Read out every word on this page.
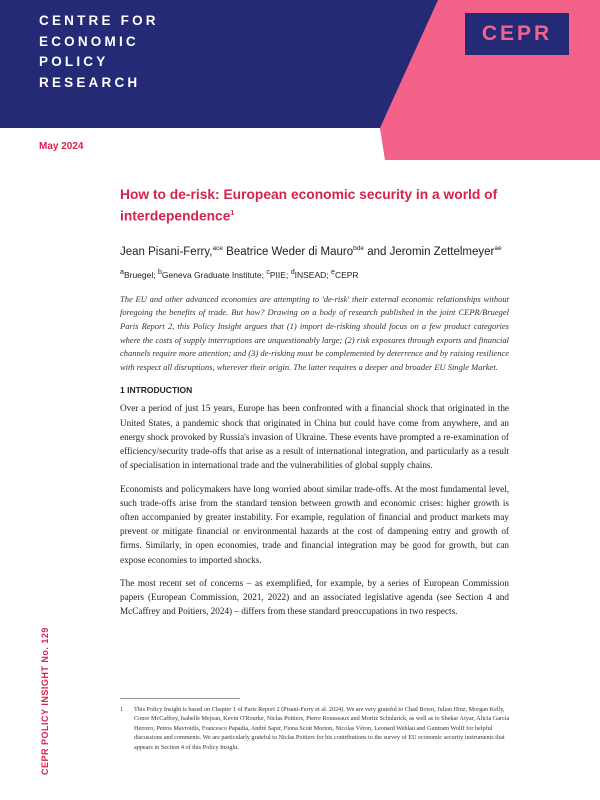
CENTRE FOR
ECONOMIC
POLICY
RESEARCH
CEPR
May 2024
CEPR POLICY INSIGHT No. 129
How to de-risk: European economic security in a world of interdependence$^1$
Jean Pisani-Ferry,$^{ace}$ Beatrice Weder di Mauro$^{bde}$ and Jeromin Zettelmeyer$^{ae}$
$^a$Bruegel; $^b$Geneva Graduate Institute; $^c$PIIE; $^d$INSEAD; $^e$CEPR

The EU and other advanced economies are attempting to 'de-risk' their external economic relationships without foregoing the benefits of trade. But how? Drawing on a body of research published in the joint CEPR/Bruegel Paris Report 2, this Policy Insight argues that (1) import de-risking should focus on a few product categories where the costs of supply interruptions are unquestionably large; (2) risk exposures through exports and financial channels require more attention; and (3) de-risking must be complemented by deterrence and by raising resilience with respect all disruptions, wherever their origin. The latter requires a deeper and broader EU Single Market.

1 INTRODUCTION

Over a period of just 15 years, Europe has been confronted with a financial shock that originated in the United States, a pandemic shock that originated in China but could have come from anywhere, and an energy shock provoked by Russia's invasion of Ukraine. These events have prompted a re-examination of efficiency/security trade-offs that arise as a result of international integration, and particularly as a result of specialisation in international trade and the vulnerabilities of global supply chains.

Economists and policymakers have long worried about similar trade-offs. At the most fundamental level, such trade-offs arise from the standard tension between growth and economic crises: higher growth is often accompanied by greater instability. For example, regulation of financial and product markets may prevent or mitigate financial or environmental hazards at the cost of dampening entry and growth of firms. Similarly, in open economies, trade and financial integration may be good for growth, but can expose economies to imported shocks.

The most recent set of concerns – as exemplified, for example, by a series of European Commission papers (European Commission, 2021, 2022) and an associated legislative agenda (see Section 4 and McCaffrey and Poitiers, 2024) – differs from these standard preoccupations in two respects.

1 This Policy Insight is based on Chapter 1 of Paris Report 2 (Pisani-Ferry et al. 2024). We are very grateful to Chad Bown, Julian Hinz, Morgan Kelly, Conor McCaffrey, Isabelle Mejean, Kevin O'Rourke, Niclas Poitiers, Pierre Rousseaux and Moritz Schularick, as well as to Shekar Aiyar, Alicia García Herrero, Petros Mavroidis, Francesco Papadia, André Sapir, Fiona Scott Morton, Nicolas Véron, Leonard Wehlau and Guntram Wolff for helpful discussions and comments. We are particularly grateful to Niclas Poitiers for his contributions to the survey of EU economic security instruments that appears in Section 4 of this Policy Insight.
